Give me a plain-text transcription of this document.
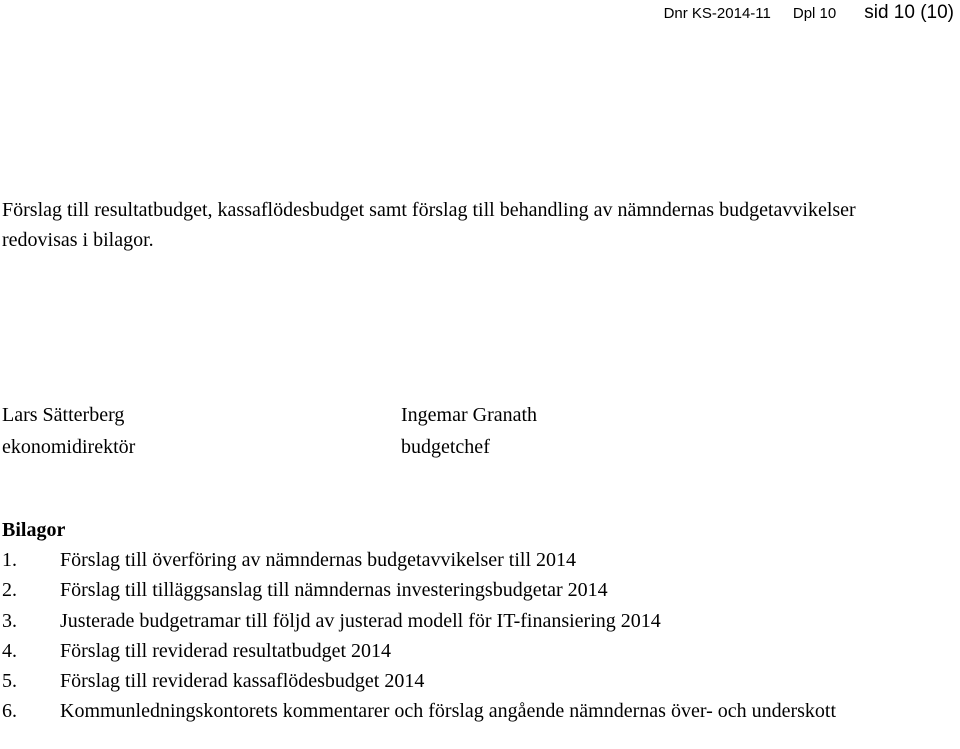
Dnr KS-2014-11 Dpl 10 sid 10 (10)
Förslag till resultatbudget, kassaflödesbudget samt förslag till behandling av nämndernas budgetavvikelser redovisas i bilagor.
Lars Sätterberg
ekonomidirektör
Ingemar Granath
budgetchef
Bilagor
1.	Förslag till överföring av nämndernas budgetavvikelser till 2014
2.	Förslag till tilläggsanslag till nämndernas investeringsbudgetar 2014
3.	Justerade budgetramar till följd av justerad modell för IT-finansiering 2014
4.	Förslag till reviderad resultatbudget 2014
5.	Förslag till reviderad kassaflödesbudget 2014
6.	Kommunledningskontorets kommentarer och förslag angående nämndernas över- och underskott
